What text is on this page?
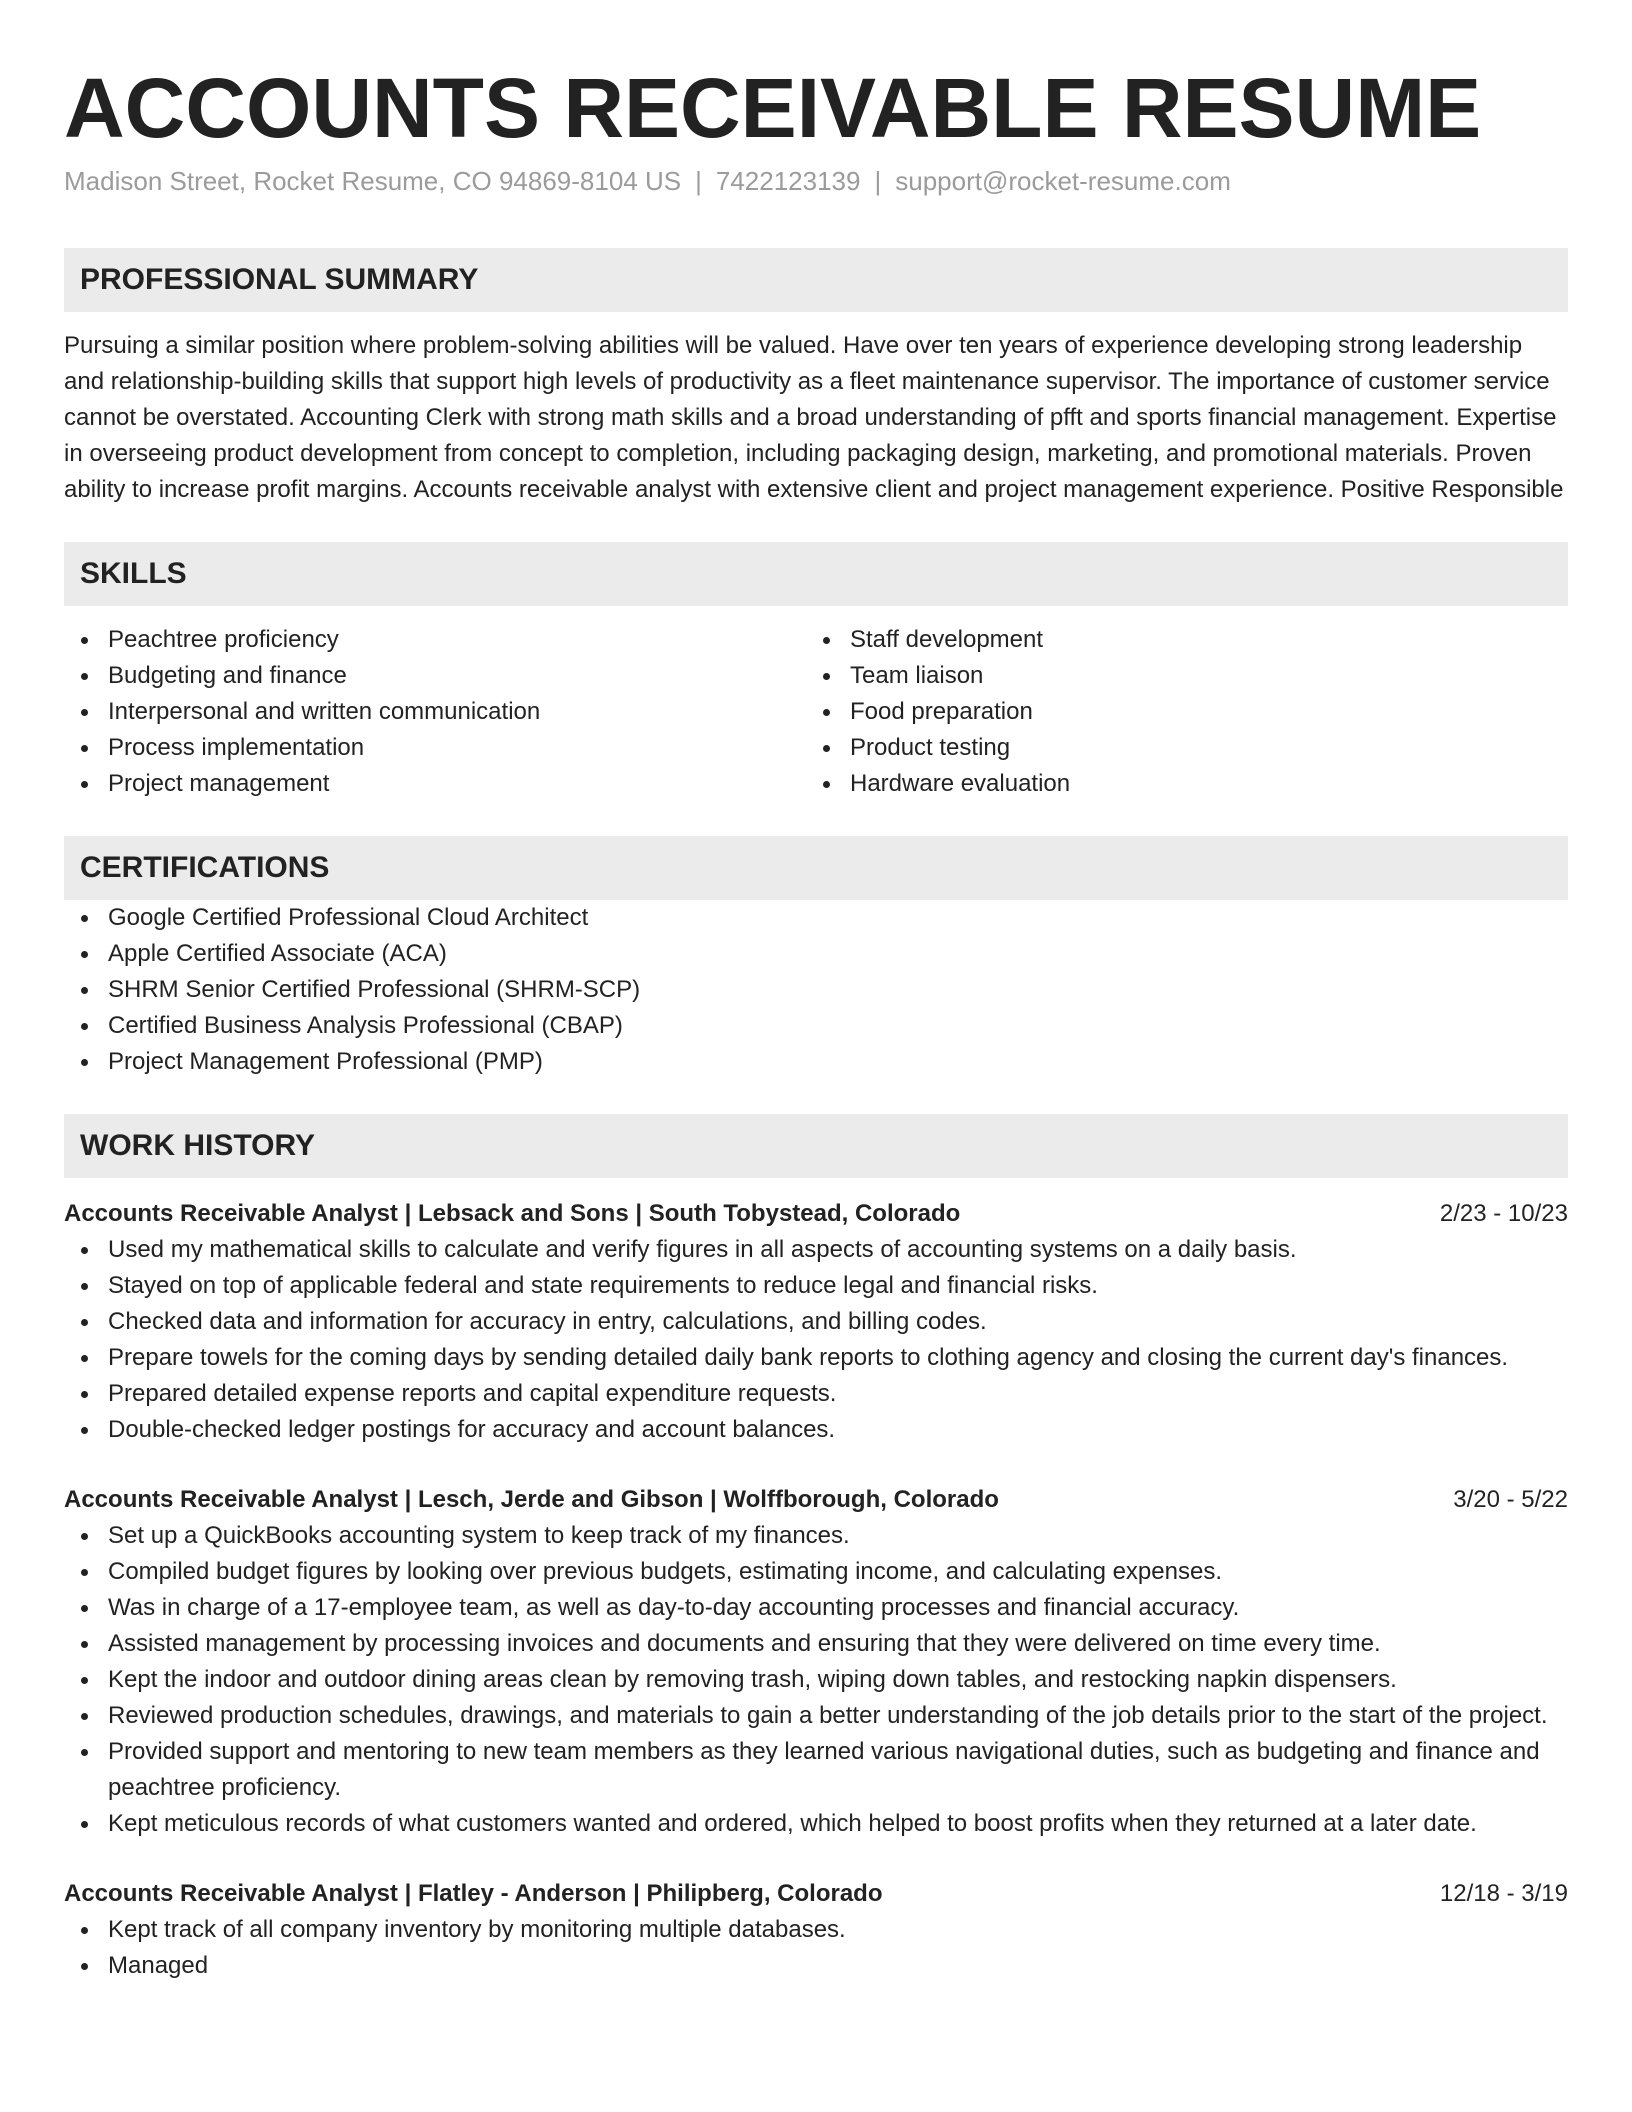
ACCOUNTS RECEIVABLE RESUME
Madison Street, Rocket Resume, CO 94869-8104 US | 7422123139 | support@rocket-resume.com
PROFESSIONAL SUMMARY
Pursuing a similar position where problem-solving abilities will be valued. Have over ten years of experience developing strong leadership and relationship-building skills that support high levels of productivity as a fleet maintenance supervisor. The importance of customer service cannot be overstated. Accounting Clerk with strong math skills and a broad understanding of pfft and sports financial management. Expertise in overseeing product development from concept to completion, including packaging design, marketing, and promotional materials. Proven ability to increase profit margins. Accounts receivable analyst with extensive client and project management experience. Positive Responsible
SKILLS
Peachtree proficiency
Budgeting and finance
Interpersonal and written communication
Process implementation
Project management
Staff development
Team liaison
Food preparation
Product testing
Hardware evaluation
CERTIFICATIONS
Google Certified Professional Cloud Architect
Apple Certified Associate (ACA)
SHRM Senior Certified Professional (SHRM-SCP)
Certified Business Analysis Professional (CBAP)
Project Management Professional (PMP)
WORK HISTORY
Accounts Receivable Analyst | Lebsack and Sons | South Tobystead, Colorado	2/23 - 10/23
Used my mathematical skills to calculate and verify figures in all aspects of accounting systems on a daily basis.
Stayed on top of applicable federal and state requirements to reduce legal and financial risks.
Checked data and information for accuracy in entry, calculations, and billing codes.
Prepare towels for the coming days by sending detailed daily bank reports to clothing agency and closing the current day's finances.
Prepared detailed expense reports and capital expenditure requests.
Double-checked ledger postings for accuracy and account balances.
Accounts Receivable Analyst | Lesch, Jerde and Gibson | Wolffborough, Colorado	3/20 - 5/22
Set up a QuickBooks accounting system to keep track of my finances.
Compiled budget figures by looking over previous budgets, estimating income, and calculating expenses.
Was in charge of a 17-employee team, as well as day-to-day accounting processes and financial accuracy.
Assisted management by processing invoices and documents and ensuring that they were delivered on time every time.
Kept the indoor and outdoor dining areas clean by removing trash, wiping down tables, and restocking napkin dispensers.
Reviewed production schedules, drawings, and materials to gain a better understanding of the job details prior to the start of the project.
Provided support and mentoring to new team members as they learned various navigational duties, such as budgeting and finance and peachtree proficiency.
Kept meticulous records of what customers wanted and ordered, which helped to boost profits when they returned at a later date.
Accounts Receivable Analyst | Flatley - Anderson | Philipberg, Colorado	12/18 - 3/19
Kept track of all company inventory by monitoring multiple databases.
Managed
